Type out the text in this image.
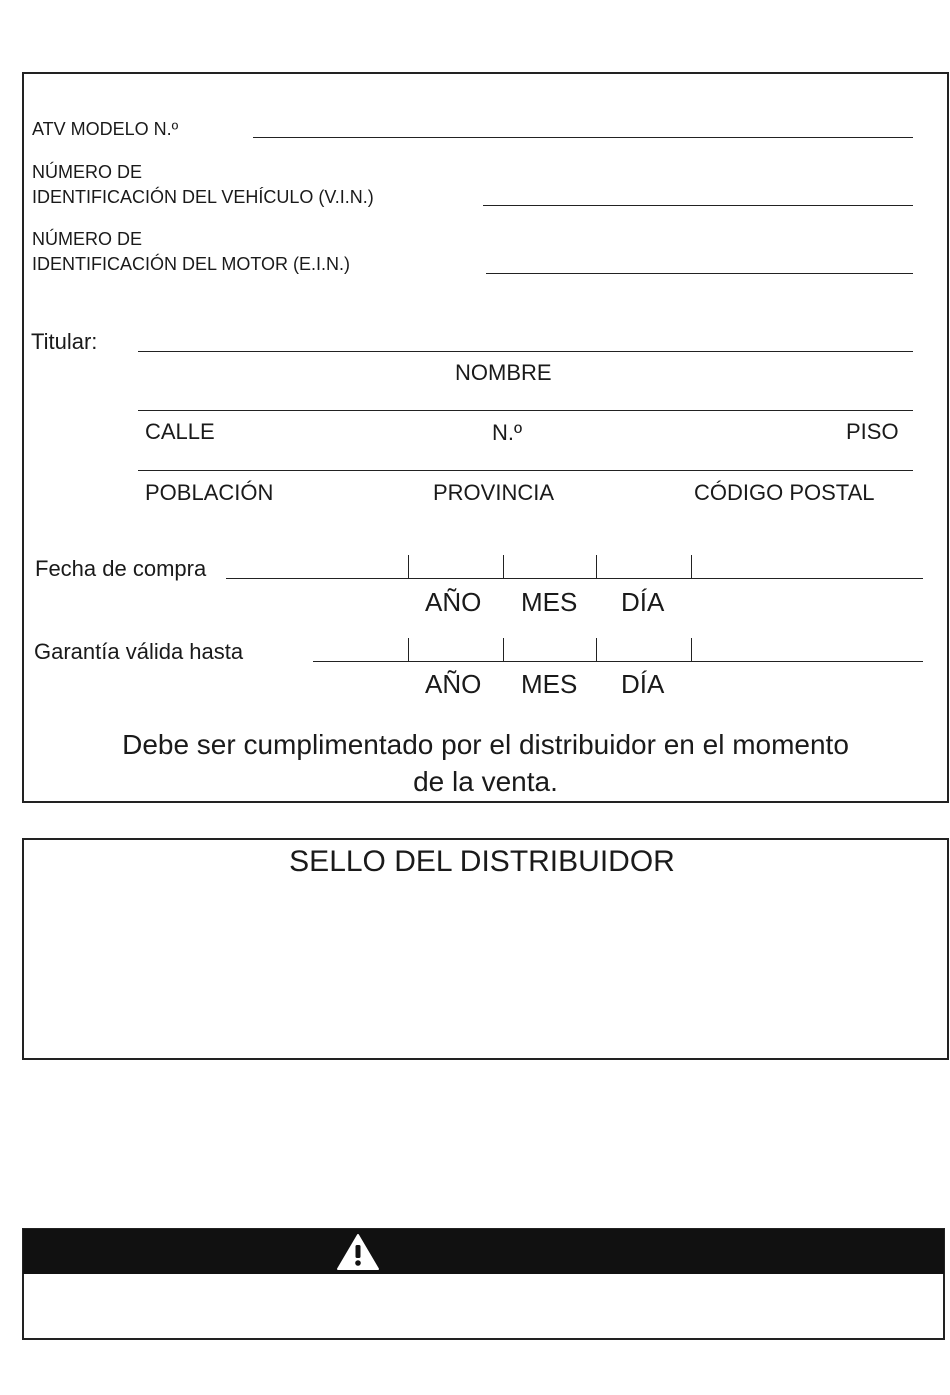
ATV MODELO N.º
NÚMERO DE
IDENTIFICACIÓN DEL VEHÍCULO (V.I.N.)
NÚMERO DE
IDENTIFICACIÓN DEL MOTOR (E.I.N.)
Titular:
NOMBRE
CALLE	N.º	PISO
POBLACIÓN	PROVINCIA	CÓDIGO POSTAL
Fecha de compra
AÑO MES DÍA
Garantía válida hasta
AÑO MES DÍA
Debe ser cumplimentado por el distribuidor en el momento
de la venta.
SELLO DEL DISTRIBUIDOR
